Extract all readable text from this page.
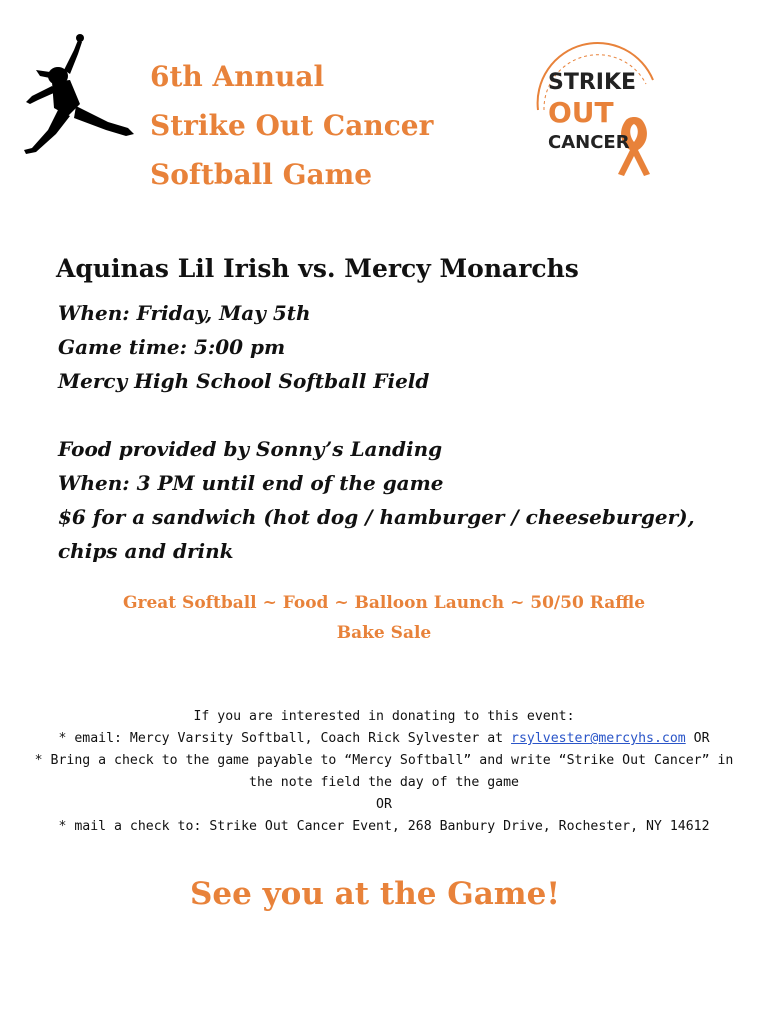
6th Annual
Strike Out Cancer
Softball Game
STRIKE
OUT
CANCER
Aquinas Lil Irish vs. Mercy Monarchs
When: Friday, May 5th
Game time: 5:00 pm
Mercy High School Softball Field
Food provided by Sonny’s Landing
When: 3 PM until end of the game
$6 for a sandwich (hot dog / hamburger / cheeseburger),
chips and drink
Great Softball ~ Food ~ Balloon Launch ~ 50/50 Raffle
Bake Sale
If you are interested in donating to this event:
* email: Mercy Varsity Softball, Coach Rick Sylvester at rsylvester@mercyhs.com OR
* Bring a check to the game payable to “Mercy Softball” and write “Strike Out Cancer” in
the note field the day of the game
OR
* mail a check to: Strike Out Cancer Event, 268 Banbury Drive, Rochester, NY 14612
See you at the Game!
